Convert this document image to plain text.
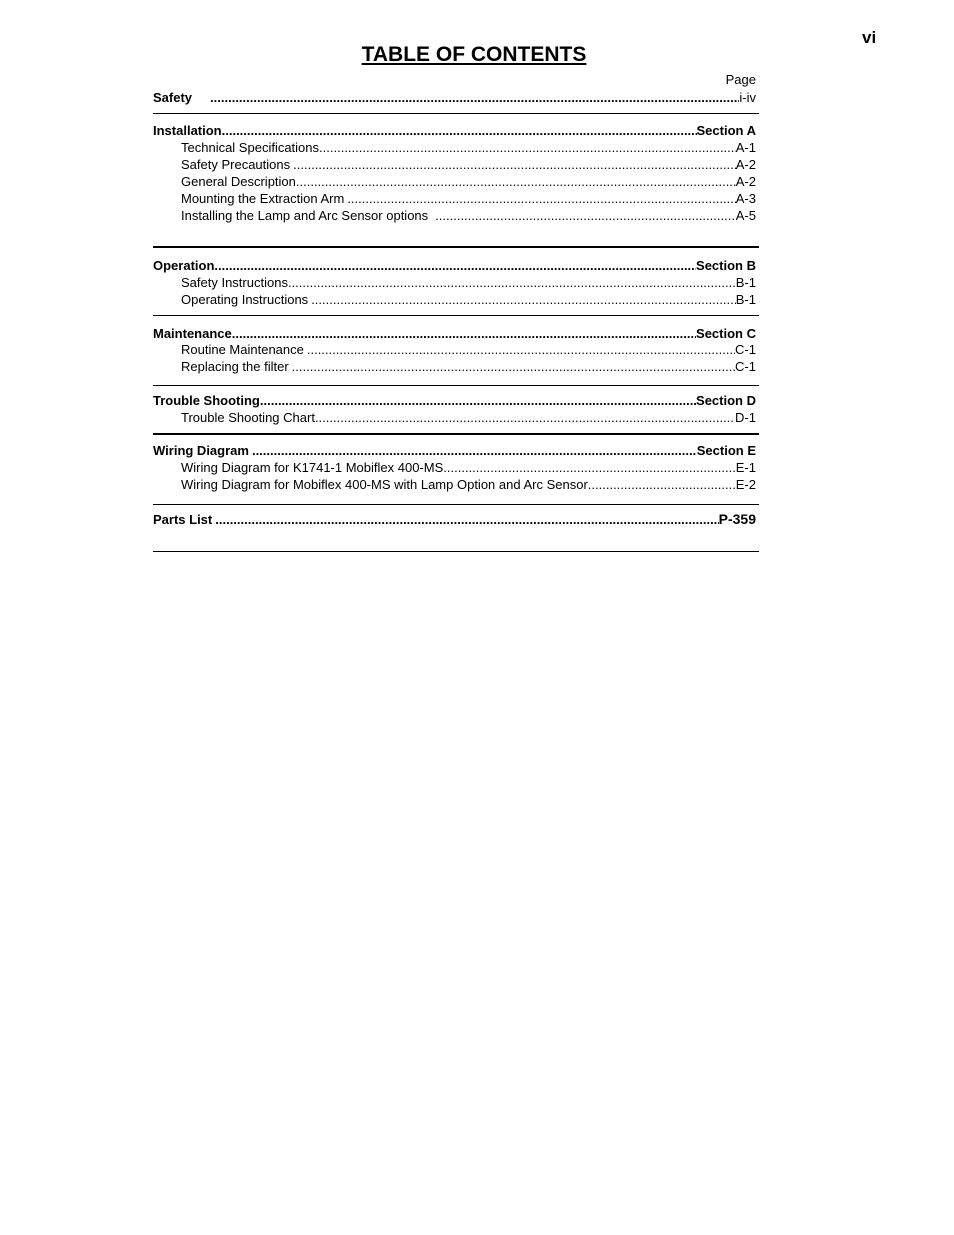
vi
TABLE OF CONTENTS
Page
Safety .....	i-iv
Installation .....	Section A
Technical Specifications .....	A-1
Safety Precautions .....	A-2
General Description .....	A-2
Mounting the Extraction Arm .....	A-3
Installing the Lamp and Arc Sensor options .....	A-5
Operation .....	Section B
Safety Instructions .....	B-1
Operating Instructions .....	B-1
Maintenance .....	Section C
Routine Maintenance .....	C-1
Replacing the filter .....	C-1
Trouble Shooting .....	Section D
Trouble Shooting Chart .....	D-1
Wiring Diagram .....	Section E
Wiring Diagram for K1741-1 Mobiflex 400-MS .....	E-1
Wiring Diagram for Mobiflex 400-MS with Lamp Option and Arc Sensor .....	E-2
Parts List .....	P-359
